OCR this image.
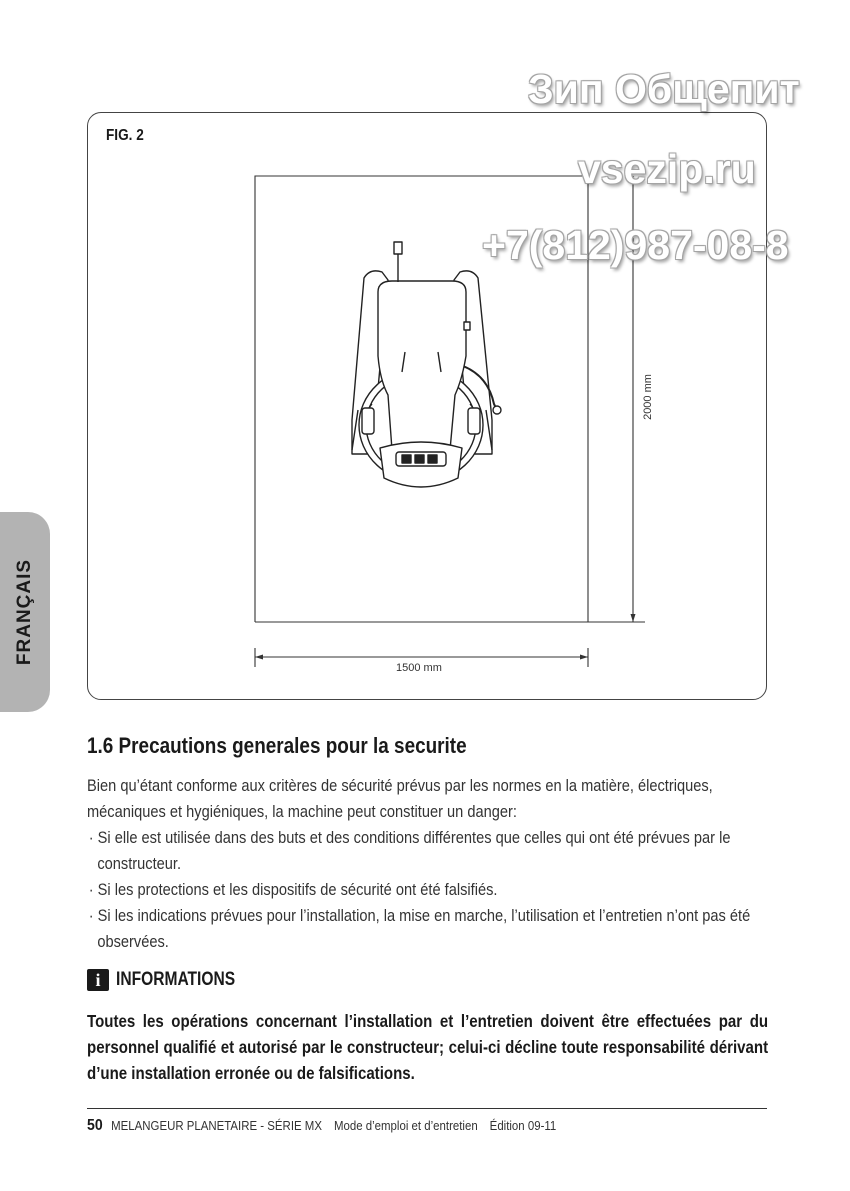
FRANÇAIS
FIG. 2
1500 mm
2000 mm
Зип Общепит
vsezip.ru
+7(812)987-08-8
1.6 Precautions generales pour la securite

Bien qu’étant conforme aux critères de sécurité prévus par les normes en la matière, électriques, mécaniques et hygiéniques, la machine peut constituer un danger:

· Si elle est utilisée dans des buts et des conditions différentes que celles qui ont été prévues par le constructeur.

· Si les protections et les dispositifs de sécurité ont été falsifiés.

· Si les indications prévues pour l’installation, la mise en marche, l’utilisation et l’entretien n’ont pas été observées.

i INFORMATIONS
Toutes les opérations concernant l’installation et l’entretien doivent être effectuées par du personnel qualifié et autorisé par le constructeur; celui-ci décline toute responsabilité dérivant d’une installation erronée ou de falsifications.
50 MELANGEUR PLANETAIRE - SÉRIE MX Mode d’emploi et d’entretien Édition 09-11
